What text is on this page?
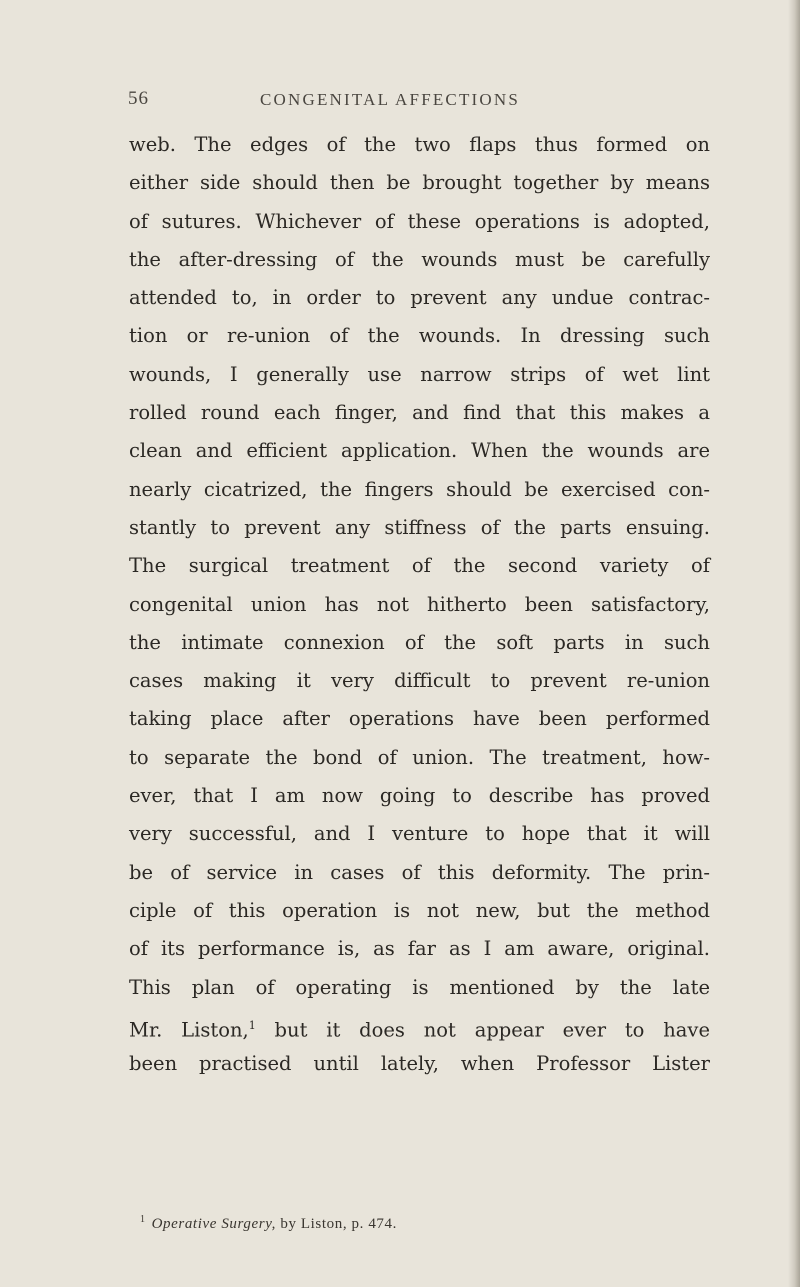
56	CONGENITAL AFFECTIONS
web. The edges of the two flaps thus formed on
either side should then be brought together by means
of sutures. Whichever of these operations is adopted,
the after-dressing of the wounds must be carefully
attended to, in order to prevent any undue contrac-
tion or re-union of the wounds. In dressing such
wounds, I generally use narrow strips of wet lint
rolled round each finger, and find that this makes a
clean and efficient application. When the wounds are
nearly cicatrized, the fingers should be exercised con-
stantly to prevent any stiffness of the parts ensuing.
The surgical treatment of the second variety of
congenital union has not hitherto been satisfactory,
the intimate connexion of the soft parts in such
cases making it very difficult to prevent re-union
taking place after operations have been performed
to separate the bond of union. The treatment, how-
ever, that I am now going to describe has proved
very successful, and I venture to hope that it will
be of service in cases of this deformity. The prin-
ciple of this operation is not new, but the method
of its performance is, as far as I am aware, original.
This plan of operating is mentioned by the late
Mr. Liston,$^1$ but it does not appear ever to have
been practised until lately, when Professor Lister
$^1$ Operative Surgery, by Liston, p. 474.
